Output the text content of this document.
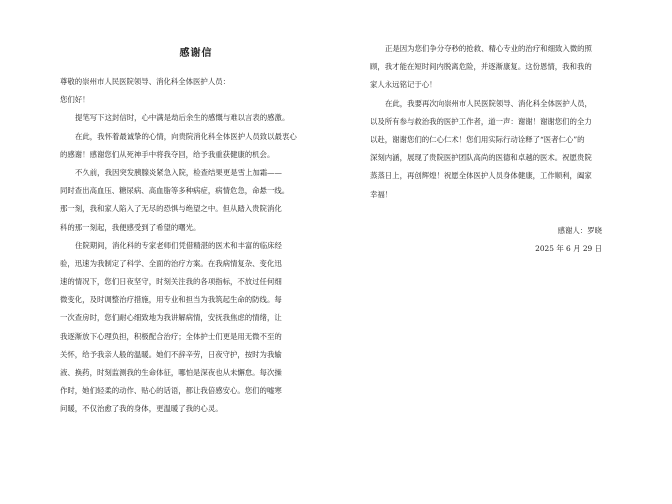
感谢信
尊敬的崇州市人民医院领导、消化科全体医护人员：
您们好！
提笔写下这封信时，心中满是劫后余生的感慨与难以言表的感激。
在此，我怀着最诚挚的心情，向贵院消化科全体医护人员致以最衷心
的感谢！感谢您们从死神手中将我夺回，给予我重获健康的机会。
不久前，我因突发胰腺炎紧急入院，检查结果更是雪上加霜——
同时查出高血压、糖尿病、高血脂等多种病症，病情危急，命悬一线。
那一刻，我和家人陷入了无尽的恐惧与绝望之中。但从踏入贵院消化
科的那一刻起，我便感受到了希望的曙光。
住院期间，消化科的专家老师们凭借精湛的医术和丰富的临床经
验，迅速为我制定了科学、全面的治疗方案。在我病情复杂、变化迅
速的情况下，您们日夜坚守，时刻关注我的各项指标，不放过任何细
微变化，及时调整治疗措施，用专业和担当为我筑起生命的防线。每
一次查房时，您们耐心细致地为我讲解病情，安抚我焦虑的情绪，让
我逐渐放下心理负担，积极配合治疗；全体护士们更是用无微不至的
关怀，给予我亲人般的温暖。她们不辞辛劳，日夜守护，按时为我输
液、换药，时刻监测我的生命体征，哪怕是深夜也从未懈怠。每次操
作时，她们轻柔的动作、贴心的话语，都让我倍感安心。您们的嘘寒
问暖，不仅治愈了我的身体，更温暖了我的心灵。
正是因为您们争分夺秒的抢救、精心专业的治疗和细致入微的照
顾，我才能在短时间内脱离危险，并逐渐康复。这份恩情，我和我的
家人永远铭记于心！
在此，我要再次向崇州市人民医院领导、消化科全体医护人员，
以及所有参与救治我的医护工作者，道一声：谢谢！谢谢您们的全力
以赴，谢谢您们的仁心仁术！您们用实际行动诠释了“医者仁心”的
深刻内涵，展现了贵院医护团队高尚的医德和卓越的医术。祝愿贵院
蒸蒸日上，再创辉煌！祝愿全体医护人员身体健康，工作顺利，阖家
幸福！
感谢人：罗晓
2025 年 6 月 29 日
